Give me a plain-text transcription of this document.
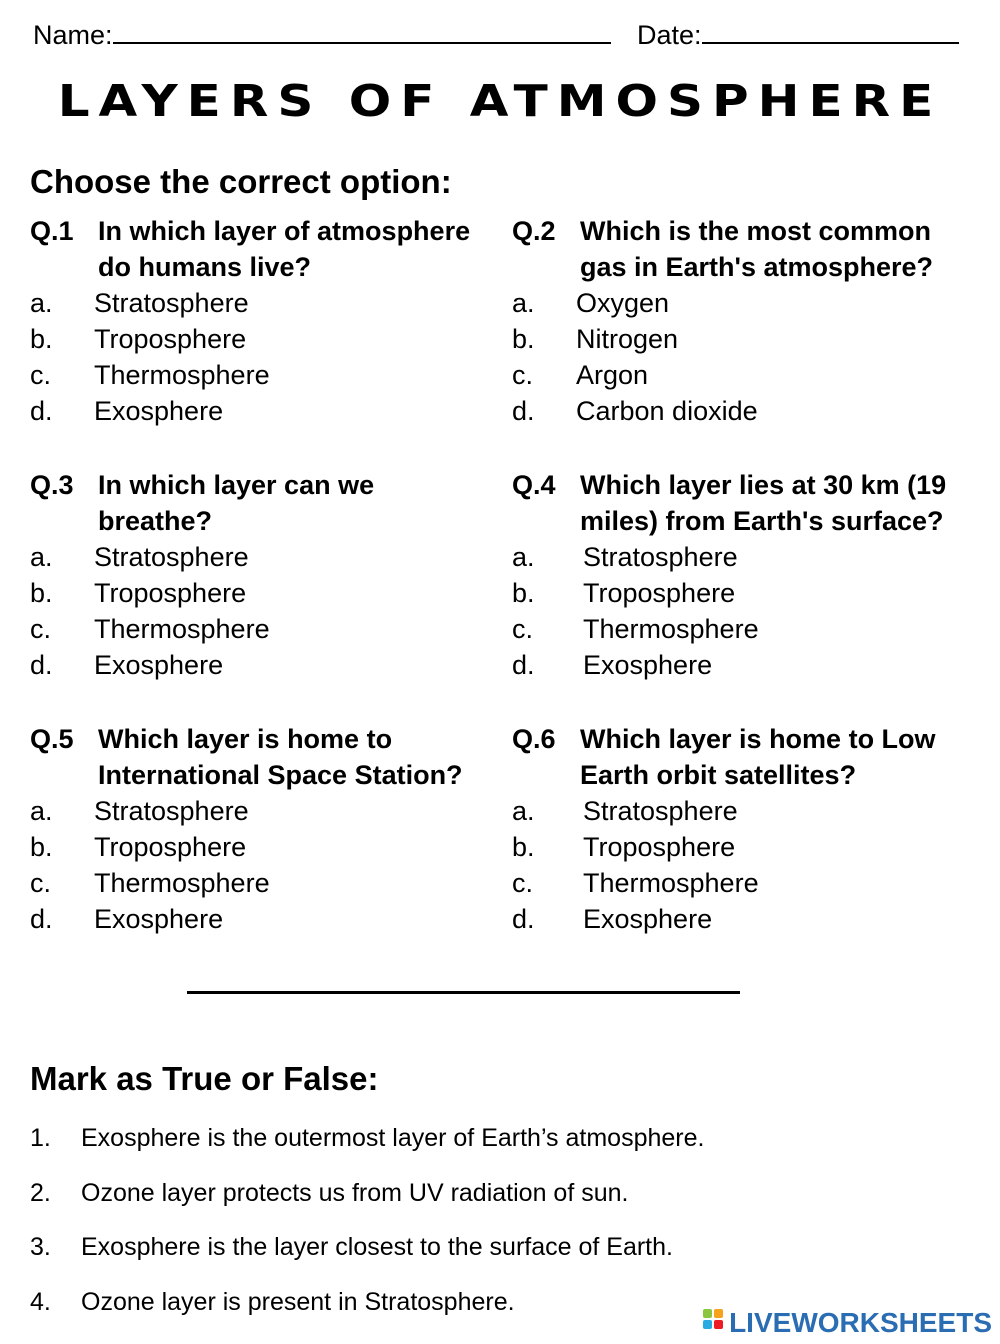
Name:	Date:
LAYERS OF ATMOSPHERE
Choose the correct option:
Q.1 In which layer of atmosphere
do humans live?
a. Stratosphere
b. Troposphere
c. Thermosphere
d. Exosphere
Q.2 Which is the most common
gas in Earth's atmosphere?
a. Oxygen
b. Nitrogen
c. Argon
d. Carbon dioxide
Q.3 In which layer can we
breathe?
a. Stratosphere
b. Troposphere
c. Thermosphere
d. Exosphere
Q.4 Which layer lies at 30 km (19
miles) from Earth's surface?
a. Stratosphere
b. Troposphere
c. Thermosphere
d. Exosphere
Q.5 Which layer is home to
International Space Station?
a. Stratosphere
b. Troposphere
c. Thermosphere
d. Exosphere
Q.6 Which layer is home to Low
Earth orbit satellites?
a. Stratosphere
b. Troposphere
c. Thermosphere
d. Exosphere
Mark as True or False:
1. Exosphere is the outermost layer of Earth’s atmosphere.
2. Ozone layer protects us from UV radiation of sun.
3. Exosphere is the layer closest to the surface of Earth.
4. Ozone layer is present in Stratosphere.
LIVEWORKSHEETS
